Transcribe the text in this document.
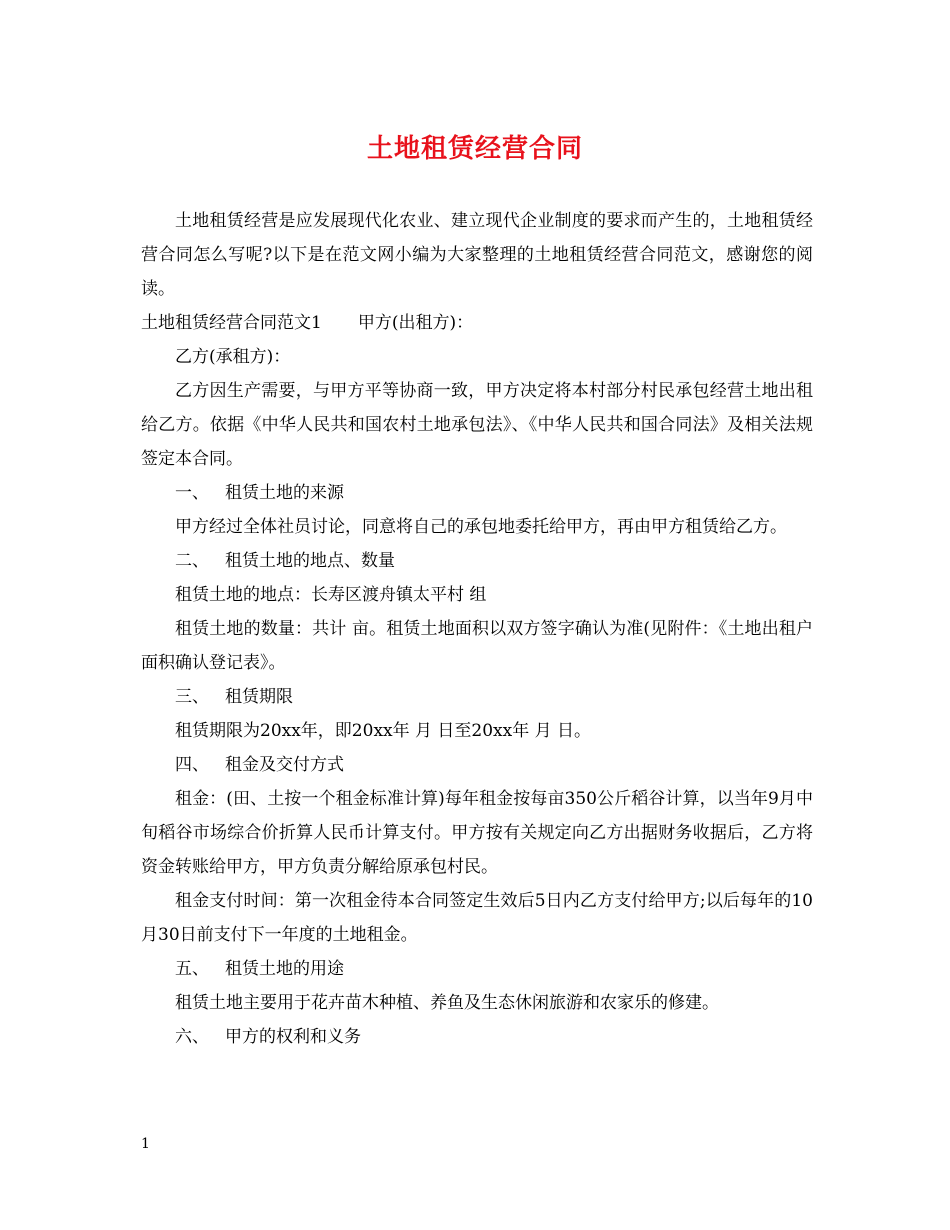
土地租赁经营合同

土地租赁经营是应发展现代化农业、建立现代企业制度的要求而产生的，土地租赁经营合同怎么写呢?以下是在范文网小编为大家整理的土地租赁经营合同范文，感谢您的阅读。

土地租赁经营合同范文1 甲方(出租方)：

乙方(承租方)：

乙方因生产需要，与甲方平等协商一致，甲方决定将本村部分村民承包经营土地出租给乙方。依据《中华人民共和国农村土地承包法》、《中华人民共和国合同法》及相关法规签定本合同。

一、 租赁土地的来源

甲方经过全体社员讨论，同意将自己的承包地委托给甲方，再由甲方租赁给乙方。

二、 租赁土地的地点、数量

租赁土地的地点：长寿区渡舟镇太平村 组

租赁土地的数量：共计 亩。租赁土地面积以双方签字确认为准(见附件：《土地出租户面积确认登记表》。

三、 租赁期限

租赁期限为20xx年，即20xx年 月 日至20xx年 月 日。

四、 租金及交付方式

租金：(田、土按一个租金标准计算)每年租金按每亩350公斤稻谷计算，以当年9月中旬稻谷市场综合价折算人民币计算支付。甲方按有关规定向乙方出据财务收据后，乙方将资金转账给甲方，甲方负责分解给原承包村民。

租金支付时间：第一次租金待本合同签定生效后5日内乙方支付给甲方;以后每年的10月30日前支付下一年度的土地租金。

五、 租赁土地的用途

租赁土地主要用于花卉苗木种植、养鱼及生态休闲旅游和农家乐的修建。

六、 甲方的权利和义务

1
